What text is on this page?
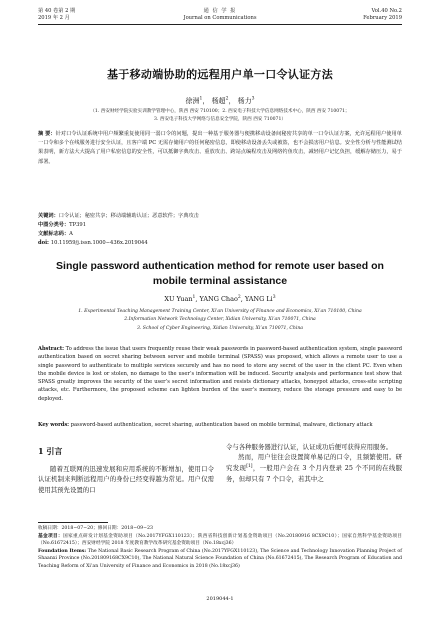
第 40 卷第 2 期
2019 年 2 月
通 信 学 报
Journal on Communications
Vol.40 No.2
February 2019
基于移动端协助的远程用户单一口令认证方法
徐洲$^1$， 杨超$^2$， 杨力$^3$
（1. 西安财经学院实验实训教学管理中心，陕西 西安 710100；2. 西安电子科技大学信息网络技术中心，陕西 西安 710071；
3. 西安电子科技大学网络与信息安全学院，陕西 西安 710071）
摘 要：针对口令认证系统中用户频繁重复使用同一弱口令的问题，提出一种基于服务器与便携移动设备间秘密共享的单一口令认证方案，允许远程用户使用单一口令和多个在线服务进行安全认证，且客户端 PC 无需存储用户的任何秘密信息，即使移动设备丢失或被盗，也不会损害用户信息。安全性分析与性能测试结果表明，新方法大大提高了用户私密信息的安全性，可以抵御字典攻击、重放攻击、跨站点编程攻击及网络钓鱼攻击，减轻用户记忆负担，缓解存储压力，易于部署。
关键词：口令认证；秘密共享；移动端辅助认证；恶意软件；字典攻击
中图分类号：TP391
文献标志码：A
doi: 10.11959/j.issn.1000−436x.2019044
Single password authentication method for remote user based on mobile terminal assistance
XU Yuan$^1$, YANG Chao$^2$, YANG Li$^3$
1. Experimental Teaching Management Training Center, Xi’an University of Finance and Economics, Xi’an 710100, China
2.Information Network Technology Center, Xidian University, Xi’an 710071, China
3. School of Cyber Engineering, Xidian University, Xi’an 710071, China
Abstract: To address the issue that users frequently reuse their weak passwords in password-based authentication system, single password authentication based on secret sharing between server and mobile terminal (SPASS) was proposed, which allows a remote user to use a single password to authenticate to multiple services securely and has no need to store any secret of the user in the client PC. Even when the mobile device is lost or stolen, no damage to the user’s information will be induced. Security analysis and performance test show that SPASS greatly improves the security of the user’s secret information and resists dictionary attacks, honeypot attacks, cross-site scripting attacks, etc. Furthermore, the proposed scheme can lighten burden of the user’s memory, reduce the storage pressure and easy to be deployed.
Key words: password-based authentication, secret sharing, authentication based on mobile terminal, malware, dictionary attack
1 引言
随着互联网的迅速发展和应用系统的不断增加，使用口令认证机制来判断远程用户的身份已经变得越为常见。用户仅需使用其预先设置的口
令与各种服务器进行认证，认证成功后便可获得应用服务。
然而，用户往往会设置简单易记的口令，且频繁使用。研究发现[1]，一般用户会在 3 个月内登录 25 个不同的在线服务，但却只有 7 个口令，若其中之
收稿日期：2018−07−20；修回日期：2018−09−23
基金项目：国家重点研发计划基金资助项目（No.2017YFGX110123）；陕西省科技创新计划基金资助项目（No.20180916 8CX9C10）；国家自然科学基金资助项目（No.61672415）；西安财经学院 2018 年度教育教学改革研究基金资助项目（No.18xcj36）
Foundation Items: The National Basic Research Program of China (No.2017YFGX110123), The Science and Technology Innovation Planning Project of Shaanxi Province (No.201809168CX9C10), The National Natural Science Foundation of China (No.61672415), The Research Program of Education and Teaching Reform of Xi’an University of Finance and Economics in 2018 (No.18xcj36)
2019044-1
